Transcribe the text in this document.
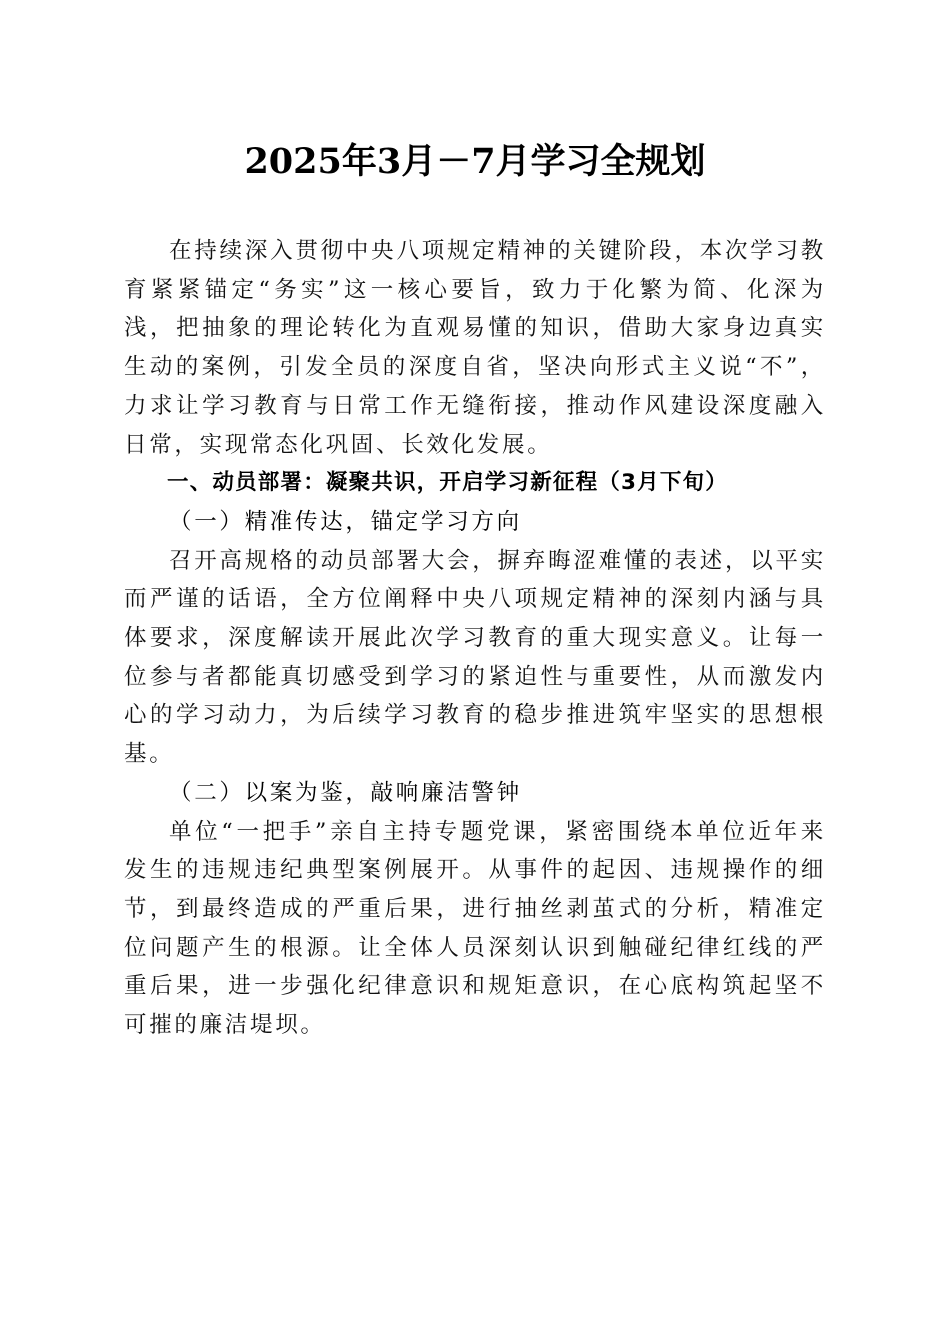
2025年3月－7月学习全规划

在持续深入贯彻中央八项规定精神的关键阶段，本次学习教育紧紧锚定“务实”这一核心要旨，致力于化繁为简、化深为浅，把抽象的理论转化为直观易懂的知识，借助大家身边真实生动的案例，引发全员的深度自省，坚决向形式主义说“不”，力求让学习教育与日常工作无缝衔接，推动作风建设深度融入日常，实现常态化巩固、长效化发展。

一、动员部署：凝聚共识，开启学习新征程（3月下旬）

（一）精准传达，锚定学习方向

召开高规格的动员部署大会，摒弃晦涩难懂的表述，以平实而严谨的话语，全方位阐释中央八项规定精神的深刻内涵与具体要求，深度解读开展此次学习教育的重大现实意义。让每一位参与者都能真切感受到学习的紧迫性与重要性，从而激发内心的学习动力，为后续学习教育的稳步推进筑牢坚实的思想根基。

（二）以案为鉴，敲响廉洁警钟

单位“一把手”亲自主持专题党课，紧密围绕本单位近年来发生的违规违纪典型案例展开。从事件的起因、违规操作的细节，到最终造成的严重后果，进行抽丝剥茧式的分析，精准定位问题产生的根源。让全体人员深刻认识到触碰纪律红线的严重后果，进一步强化纪律意识和规矩意识，在心底构筑起坚不可摧的廉洁堤坝。
